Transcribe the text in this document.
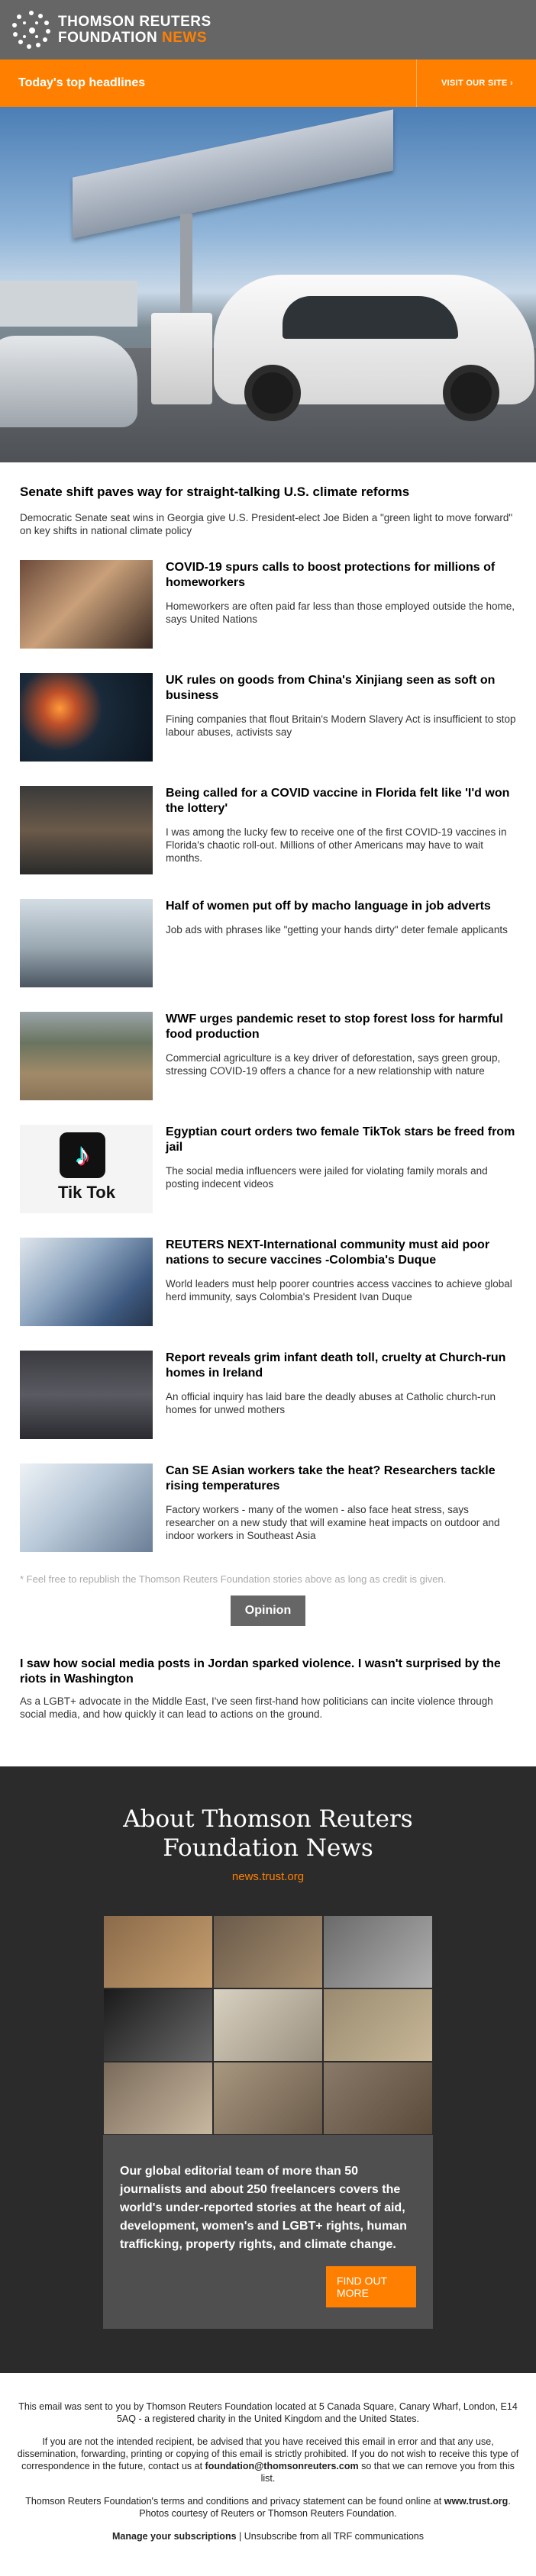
THOMSON REUTERS
FOUNDATION NEWS
Today's top headlines	VISIT OUR SITE ›
Senate shift paves way for straight-talking U.S. climate reforms

Democratic Senate seat wins in Georgia give U.S. President-elect Joe Biden a "green light to move forward" on key shifts in national climate policy

COVID-19 spurs calls to boost protections for millions of homeworkers

Homeworkers are often paid far less than those employed outside the home, says United Nations

UK rules on goods from China's Xinjiang seen as soft on business

Fining companies that flout Britain's Modern Slavery Act is insufficient to stop labour abuses, activists say

Being called for a COVID vaccine in Florida felt like 'I'd won the lottery'

I was among the lucky few to receive one of the first COVID-19 vaccines in Florida's chaotic roll-out. Millions of other Americans may have to wait months.

Half of women put off by macho language in job adverts

Job ads with phrases like "getting your hands dirty" deter female applicants

WWF urges pandemic reset to stop forest loss for harmful food production

Commercial agriculture is a key driver of deforestation, says green group, stressing COVID-19 offers a chance for a new relationship with nature

♪
Tik Tok
Egyptian court orders two female TikTok stars be freed from jail

The social media influencers were jailed for violating family morals and posting indecent videos

REUTERS NEXT-International community must aid poor nations to secure vaccines -Colombia's Duque

World leaders must help poorer countries access vaccines to achieve global herd immunity, says Colombia's President Ivan Duque

Report reveals grim infant death toll, cruelty at Church-run homes in Ireland

An official inquiry has laid bare the deadly abuses at Catholic church-run homes for unwed mothers

Can SE Asian workers take the heat? Researchers tackle rising temperatures

Factory workers - many of the women - also face heat stress, says researcher on a new study that will examine heat impacts on outdoor and indoor workers in Southeast Asia

* Feel free to republish the Thomson Reuters Foundation stories above as long as credit is given.
Opinion
I saw how social media posts in Jordan sparked violence. I wasn't surprised by the riots in Washington

As a LGBT+ advocate in the Middle East, I've seen first-hand how politicians can incite violence through social media, and how quickly it can lead to actions on the ground.

About Thomson Reuters
Foundation News
news.trust.org

Our global editorial team of more than 50 journalists and about 250 freelancers covers the world's under-reported stories at the heart of aid, development, women's and LGBT+ rights, human trafficking, property rights, and climate change.

FIND OUT MORE

This email was sent to you by Thomson Reuters Foundation located at 5 Canada Square, Canary Wharf, London, E14 5AQ - a registered charity in the United Kingdom and the United States.

If you are not the intended recipient, be advised that you have received this email in error and that any use, dissemination, forwarding, printing or copying of this email is strictly prohibited. If you do not wish to receive this type of correspondence in the future, contact us at foundation@thomsonreuters.com so that we can remove you from this list.

Thomson Reuters Foundation's terms and conditions and privacy statement can be found online at www.trust.org. Photos courtesy of Reuters or Thomson Reuters Foundation.

Manage your subscriptions | Unsubscribe from all TRF communications
